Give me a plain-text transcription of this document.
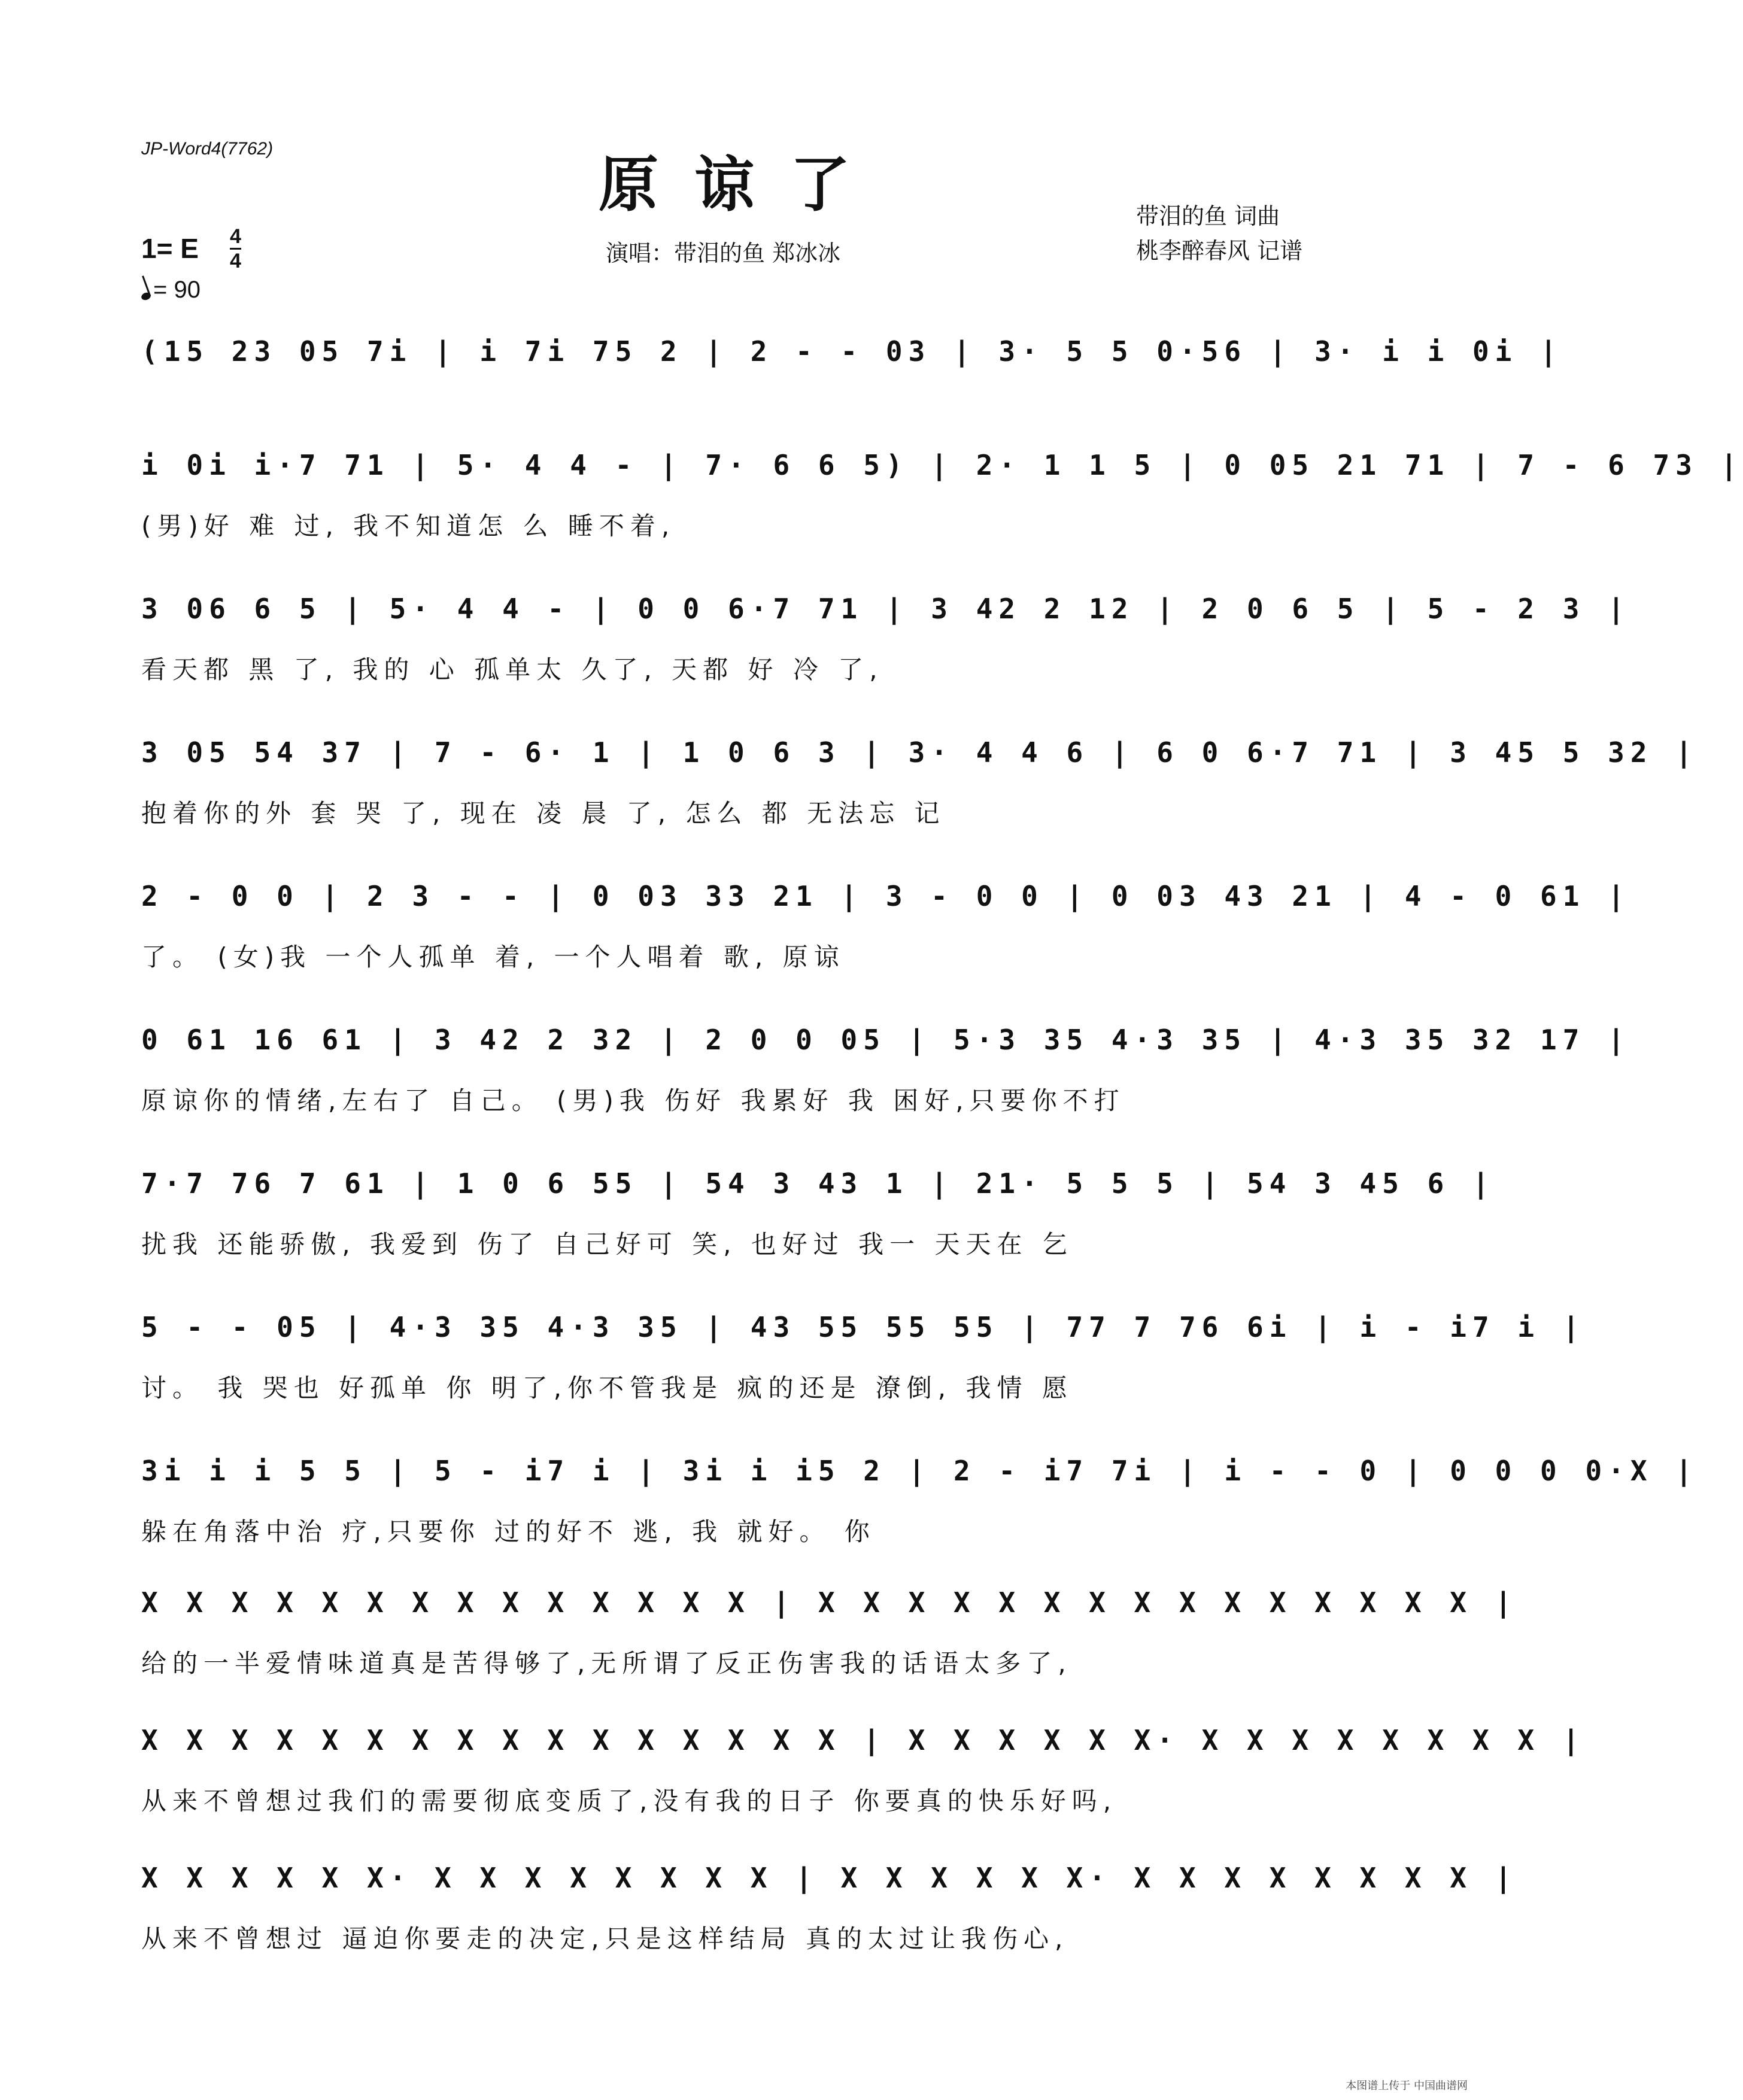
JP-Word4(7762)
原谅了
演唱：带泪的鱼 郑冰冰
带泪的鱼 词曲
桃李醉春风 记谱
1= E 4
4
= 90
(15 23 05 7i | i 7i 75 2 | 2 - - 03 | 3· 5 5 0·56 | 3· i i 0i |
i 0i i·7 71 | 5· 4 4 - | 7· 6 6 5) | 2· 1 1 5 | 0 05 21 71 | 7 - 6 73 |
(男)好 难 过, 我不知道怎 么 睡不着,
3 06 6 5 | 5· 4 4 - | 0 0 6·7 71 | 3 42 2 12 | 2 0 6 5 | 5 - 2 3 |
看天都 黑 了, 我的 心 孤单太 久了, 天都 好 冷 了,
3 05 54 37 | 7 - 6· 1 | 1 0 6 3 | 3· 4 4 6 | 6 0 6·7 71 | 3 45 5 32 |
抱着你的外 套 哭 了, 现在 凌 晨 了, 怎么 都 无法忘 记
2 - 0 0 | 2 3 - - | 0 03 33 21 | 3 - 0 0 | 0 03 43 21 | 4 - 0 61 |
了。 (女)我 一个人孤单 着, 一个人唱着 歌, 原谅
0 61 16 61 | 3 42 2 32 | 2 0 0 05 | 5·3 35 4·3 35 | 4·3 35 32 17 |
原谅你的情绪,左右了 自己。 (男)我 伤好 我累好 我 困好,只要你不打
7·7 76 7 61 | 1 0 6 55 | 54 3 43 1 | 21· 5 5 5 | 54 3 45 6 |
扰我 还能骄傲, 我爱到 伤了 自己好可 笑, 也好过 我一 天天在 乞
5 - - 05 | 4·3 35 4·3 35 | 43 55 55 55 | 77 7 76 6i | i - i7 i |
讨。 我 哭也 好孤单 你 明了,你不管我是 疯的还是 潦倒, 我情 愿
3i i i 5 5 | 5 - i7 i | 3i i i5 2 | 2 - i7 7i | i - - 0 | 0 0 0 0·X |
躲在角落中治 疗,只要你 过的好不 逃, 我 就好。 你
X X X X X X X X X X X X X X | X X X X X X X X X X X X X X X |
给的一半爱情味道真是苦得够了,无所谓了反正伤害我的话语太多了,
X X X X X X X X X X X X X X X X | X X X X X X· X X X X X X X X |
从来不曾想过我们的需要彻底变质了,没有我的日子 你要真的快乐好吗,
X X X X X X· X X X X X X X X | X X X X X X· X X X X X X X X |
从来不曾想过 逼迫你要走的决定,只是这样结局 真的太过让我伤心,
本图谱上传于 中国曲谱网
